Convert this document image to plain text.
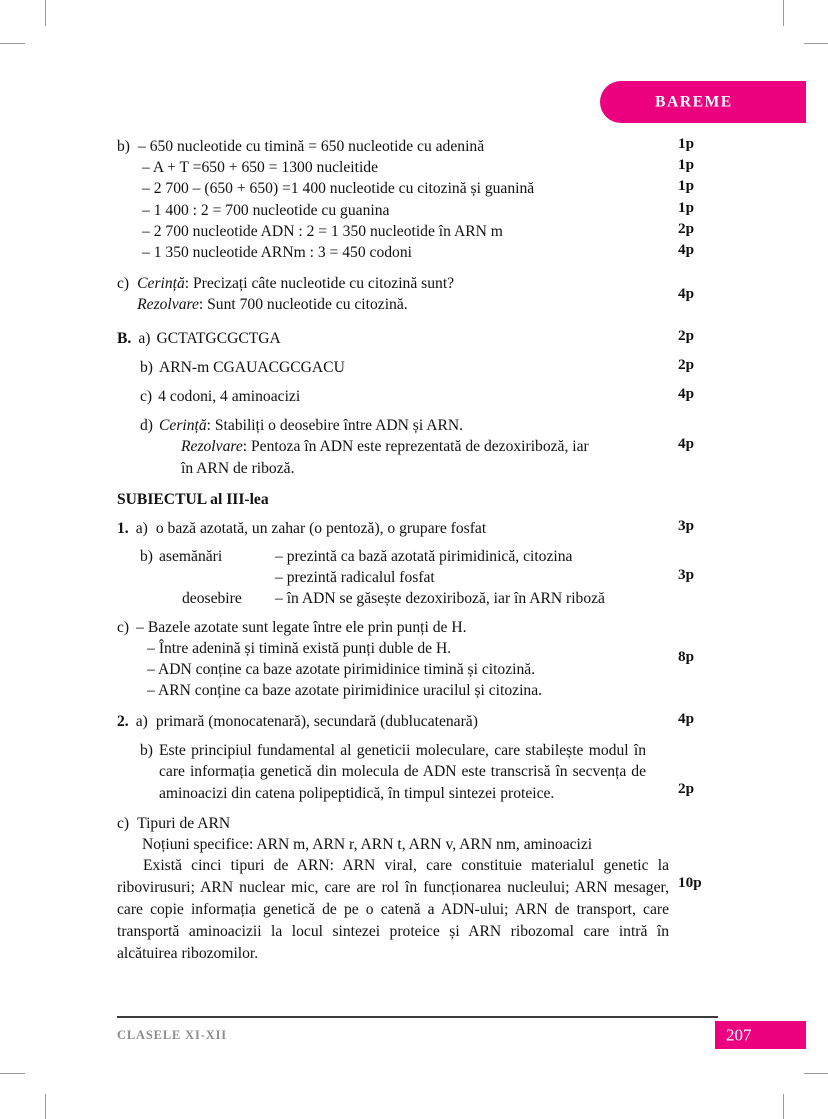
BAREME
b) – 650 nucleotide cu timină = 650 nucleotide cu adenină	1p
– A + T =650 + 650 = 1300 nucleitide	1p
– 2 700 – (650 + 650) =1 400 nucleotide cu citozină și guanină	1p
– 1 400 : 2 = 700 nucleotide cu guanina	1p
– 2 700 nucleotide ADN : 2 = 1 350 nucleotide în ARN m	2p
– 1 350 nucleotide ARNm : 3 = 450 codoni	4p
c) Cerință: Precizați câte nucleotide cu citozină sunt?
Rezolvare: Sunt 700 nucleotide cu citozină.
4p
B. a) GCTATGCGCTGA	2p
b) ARN-m CGAUACGCGACU	2p
c) 4 codoni, 4 aminoacizi	4p
d) Cerință: Stabiliți o deosebire între ADN și ARN.
Rezolvare: Pentoza în ADN este reprezentată de dezoxiriboză, iar
în ARN de riboză.
4p
SUBIECTUL al III-lea
1. a) o bază azotată, un zahar (o pentoză), o grupare fosfat	3p
b) asemănări	– prezintă ca bază azotată pirimidinică, citozina
– prezintă radicalul fosfat
deosebire – în ADN se găsește dezoxiriboză, iar în ARN riboză
3p
c) – Bazele azotate sunt legate între ele prin punți de H.
– Între adenină și timină există punți duble de H.
– ADN conține ca baze azotate pirimidinice timină și citozină.
– ARN conține ca baze azotate pirimidinice uracilul și citozina.
8p
2. a) primară (monocatenară), secundară (dublucatenară)	4p
b) Este principiul fundamental al geneticii moleculare, care stabilește modul în care informația genetică din molecula de ADN este transcrisă în secvența de aminoacizi din catena polipeptidică, în timpul sintezei proteice.	2p
c) Tipuri de ARN
Noțiuni specifice: ARN m, ARN r, ARN t, ARN v, ARN nm, aminoacizi
Există cinci tipuri de ARN: ARN viral, care constituie materialul genetic la ribovirusuri; ARN nuclear mic, care are rol în funcționarea nucleului; ARN mesager, care copie informația genetică de pe o catenă a ADN-ului; ARN de transport, care transportă aminoacizii la locul sintezei proteice și ARN ribozomal care intră în alcătuirea ribozomilor.
10p
CLASELE XI-XII	207
